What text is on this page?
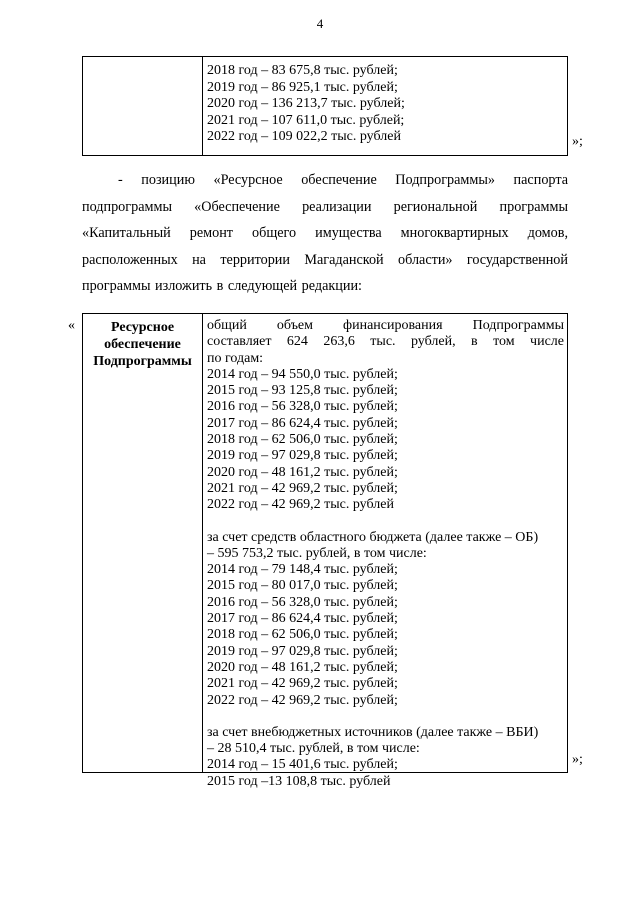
4
2018 год – 83 675,8 тыс. рублей;
2019 год – 86 925,1 тыс. рублей;
2020 год – 136 213,7 тыс. рублей;
2021 год – 107 611,0 тыс. рублей;
2022 год – 109 022,2 тыс. рублей	»;
- позицию «Ресурсное обеспечение Подпрограммы» паспорта
подпрограммы «Обеспечение реализации региональной программы
«Капитальный ремонт общего имущества многоквартирных домов,
расположенных на территории Магаданской области» государственной
программы изложить в следующей редакции:
«	Ресурсное
обеспечение
Подпрограммы
общий объем финансирования Подпрограммы
составляет 624 263,6 тыс. рублей, в том числе
по годам:
2014 год – 94 550,0 тыс. рублей;
2015 год – 93 125,8 тыс. рублей;
2016 год – 56 328,0 тыс. рублей;
2017 год – 86 624,4 тыс. рублей;
2018 год – 62 506,0 тыс. рублей;
2019 год – 97 029,8 тыс. рублей;
2020 год – 48 161,2 тыс. рублей;
2021 год – 42 969,2 тыс. рублей;
2022 год – 42 969,2 тыс. рублей
за счет средств областного бюджета (далее также – ОБ)
– 595 753,2 тыс. рублей, в том числе:
2014 год – 79 148,4 тыс. рублей;
2015 год – 80 017,0 тыс. рублей;
2016 год – 56 328,0 тыс. рублей;
2017 год – 86 624,4 тыс. рублей;
2018 год – 62 506,0 тыс. рублей;
2019 год – 97 029,8 тыс. рублей;
2020 год – 48 161,2 тыс. рублей;
2021 год – 42 969,2 тыс. рублей;
2022 год – 42 969,2 тыс. рублей;
за счет внебюджетных источников (далее также – ВБИ)
– 28 510,4 тыс. рублей, в том числе:
2014 год – 15 401,6 тыс. рублей;
2015 год –13 108,8 тыс. рублей
»;
